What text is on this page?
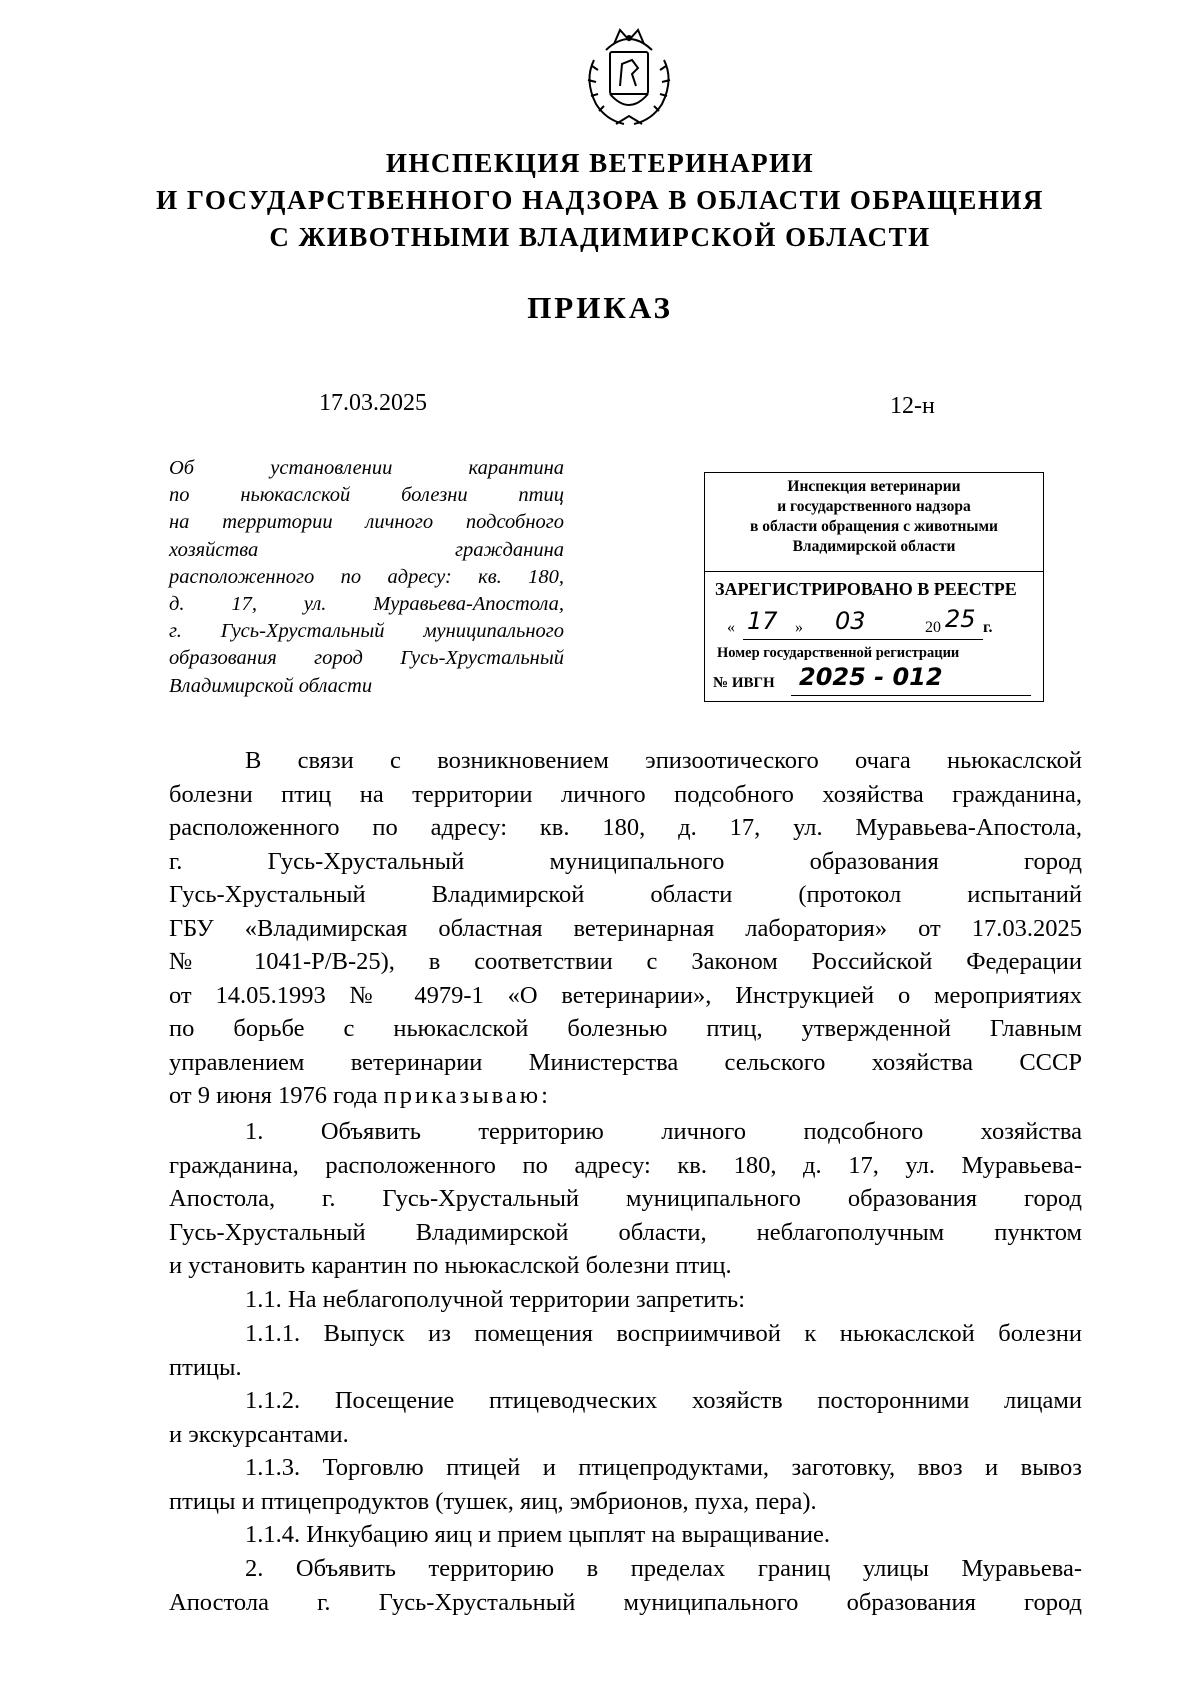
ИНСПЕКЦИЯ ВЕТЕРИНАРИИ
И ГОСУДАРСТВЕННОГО НАДЗОРА В ОБЛАСТИ ОБРАЩЕНИЯ
С ЖИВОТНЫМИ ВЛАДИМИРСКОЙ ОБЛАСТИ
ПРИКАЗ
17.03.2025	12-н
Об установлении карантина
по ньюкаслской болезни птиц
на территории личного подсобного
хозяйства гражданина
расположенного по адресу: кв. 180,
д. 17, ул. Муравьева-Апостола,
г. Гусь-Хрустальный муниципального
образования город Гусь-Хрустальный
Владимирской области
Инспекция ветеринарии
и государственного надзора
в области обращения с животными
Владимирской области
ЗАРЕГИСТРИРОВАНО В РЕЕСТРЕ
« 17 » 03	20 25 г.
Номер государственной регистрации
№ ИВГН 2025 - 012
В связи с возникновением эпизоотического очага ньюкаслской
болезни птиц на территории личного подсобного хозяйства гражданина,
расположенного по адресу: кв. 180, д. 17, ул. Муравьева-Апостола,
г. Гусь-Хрустальный муниципального образования город
Гусь-Хрустальный Владимирской области (протокол испытаний
ГБУ «Владимирская областная ветеринарная лаборатория» от 17.03.2025
№ 1041-Р/В-25), в соответствии с Законом Российской Федерации
от 14.05.1993 № 4979-1 «О ветеринарии», Инструкцией о мероприятиях
по борьбе с ньюкаслской болезнью птиц, утвержденной Главным
управлением ветеринарии Министерства сельского хозяйства СССР
от 9 июня 1976 года приказываю:
1. Объявить территорию личного подсобного хозяйства
гражданина, расположенного по адресу: кв. 180, д. 17, ул. Муравьева-
Апостола, г. Гусь-Хрустальный муниципального образования город
Гусь-Хрустальный Владимирской области, неблагополучным пунктом
и установить карантин по ньюкаслской болезни птиц.
1.1. На неблагополучной территории запретить:
1.1.1. Выпуск из помещения восприимчивой к ньюкаслской болезни
птицы.
1.1.2. Посещение птицеводческих хозяйств посторонними лицами
и экскурсантами.
1.1.3. Торговлю птицей и птицепродуктами, заготовку, ввоз и вывоз
птицы и птицепродуктов (тушек, яиц, эмбрионов, пуха, пера).
1.1.4. Инкубацию яиц и прием цыплят на выращивание.
2. Объявить территорию в пределах границ улицы Муравьева-
Апостола г. Гусь-Хрустальный муниципального образования город
